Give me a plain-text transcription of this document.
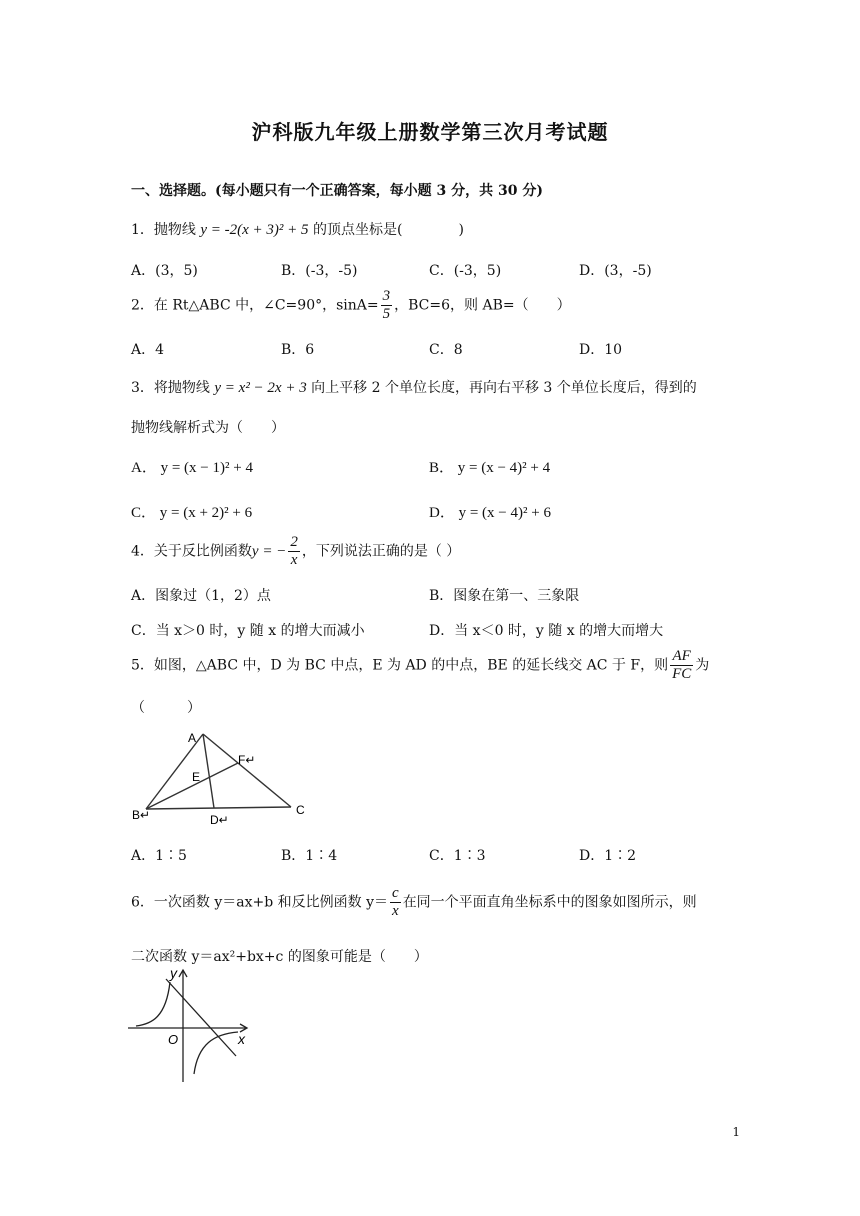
沪科版九年级上册数学第三次月考试题
一、选择题。(每小题只有一个正确答案，每小题 3 分，共 30 分)
1．抛物线 y = -2(x + 3)² + 5 的顶点坐标是(　　　　)
A．(3，5)	B．(-3，-5)	C．(-3，5)	D．(3，-5)
2．在 Rt△ABC 中，∠C=90°，$\sin A= \frac{3}{5}$ ，BC=6，则 AB=（　　）
A．4	B．6	C．8	D．10
3．将抛物线 y = x² − 2x + 3 向上平移 2 个单位长度，再向右平移 3 个单位长度后，得到的
抛物线解析式为（　　）
A． y = (x − 1)² + 4	B． y = (x − 4)² + 4
C． y = (x + 2)² + 6	D． y = (x − 4)² + 6
4．关于反比例函数y = − $\frac{2}{x}$ ，下列说法正确的是（ ）
A．图象过（1，2）点	B．图象在第一、三象限
C．当 x＞0 时，y 随 x 的增大而减小	D．当 x＜0 时，y 随 x 的增大而增大
5．如图，△ABC 中，D 为 BC 中点，E 为 AD 的中点，BE 的延长线交 AC 于 F，则 $\frac{AF}{FC}$ 为
（　　　）
A
B↵	C
D↵
E
F↵
A．1∶5	B．1∶4	C．1∶3	D．1∶2
6．一次函数 y＝ax+b 和反比例函数 $y= \frac{c}{x}$ 在同一个平面直角坐标系中的图象如图所示，则
二次函数 y＝ax²+bx+c 的图象可能是（　　）
y
x
O
1
